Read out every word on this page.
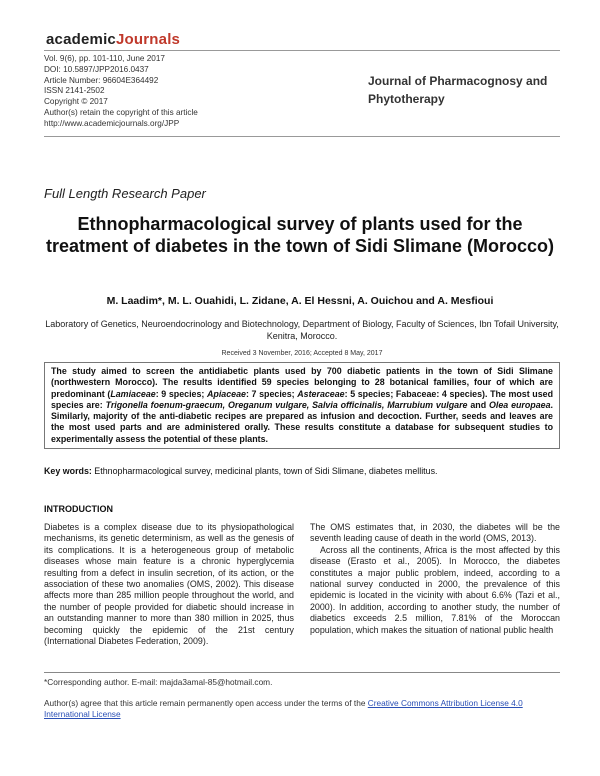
academicJournals
Vol. 9(6), pp. 101-110, June 2017
DOI: 10.5897/JPP2016.0437
Article Number: 96604E364492
ISSN 2141-2502
Copyright © 2017
Author(s) retain the copyright of this article
http://www.academicjournals.org/JPP
Journal of Pharmacognosy and
Phytotherapy
Full Length Research Paper
Ethnopharmacological survey of plants used for the treatment of diabetes in the town of Sidi Slimane (Morocco)
M. Laadim*, M. L. Ouahidi, L. Zidane, A. El Hessni, A. Ouichou and A. Mesfioui
Laboratory of Genetics, Neuroendocrinology and Biotechnology, Department of Biology, Faculty of Sciences, Ibn Tofail University, Kenitra, Morocco.
Received 3 November, 2016; Accepted 8 May, 2017
The study aimed to screen the antidiabetic plants used by 700 diabetic patients in the town of Sidi Slimane (northwestern Morocco). The results identified 59 species belonging to 28 botanical families, four of which are predominant (Lamiaceae: 9 species; Apiaceae: 7 species; Asteraceae: 5 species; Fabaceae: 4 species). The most used species are: Trigonella foenum-graecum, Oreganum vulgare, Salvia officinalis, Marrubium vulgare and Olea europaea. Similarly, majority of the anti-diabetic recipes are prepared as infusion and decoction. Further, seeds and leaves are the most used parts and are administered orally. These results constitute a database for subsequent studies to experimentally assess the potential of these plants.
Key words: Ethnopharmacological survey, medicinal plants, town of Sidi Slimane, diabetes mellitus.
INTRODUCTION

Diabetes is a complex disease due to its physiopathological mechanisms, its genetic determinism, as well as the genesis of its complications. It is a heterogeneous group of metabolic diseases whose main feature is a chronic hyperglycemia resulting from a defect in insulin secretion, of its action, or the association of these two anomalies (OMS, 2002). This disease affects more than 285 million people throughout the world, and the number of people provided for diabetic should increase in an outstanding manner to more than 380 million in 2025, thus becoming quickly the epidemic of the 21st century (International Diabetes Federation, 2009).

The OMS estimates that, in 2030, the diabetes will be the seventh leading cause of death in the world (OMS, 2013).

Across all the continents, Africa is the most affected by this disease (Erasto et al., 2005). In Morocco, the diabetes constitutes a major public problem, indeed, according to a national survey conducted in 2000, the prevalence of this epidemic is located in the vicinity with about 6.6% (Tazi et al., 2000). In addition, according to another study, the number of diabetics exceeds 2.5 million, 7.81% of the Moroccan population, which makes the situation of national public health

*Corresponding author. E-mail: majda3amal-85@hotmail.com.
Author(s) agree that this article remain permanently open access under the terms of the Creative Commons Attribution License 4.0 International License
